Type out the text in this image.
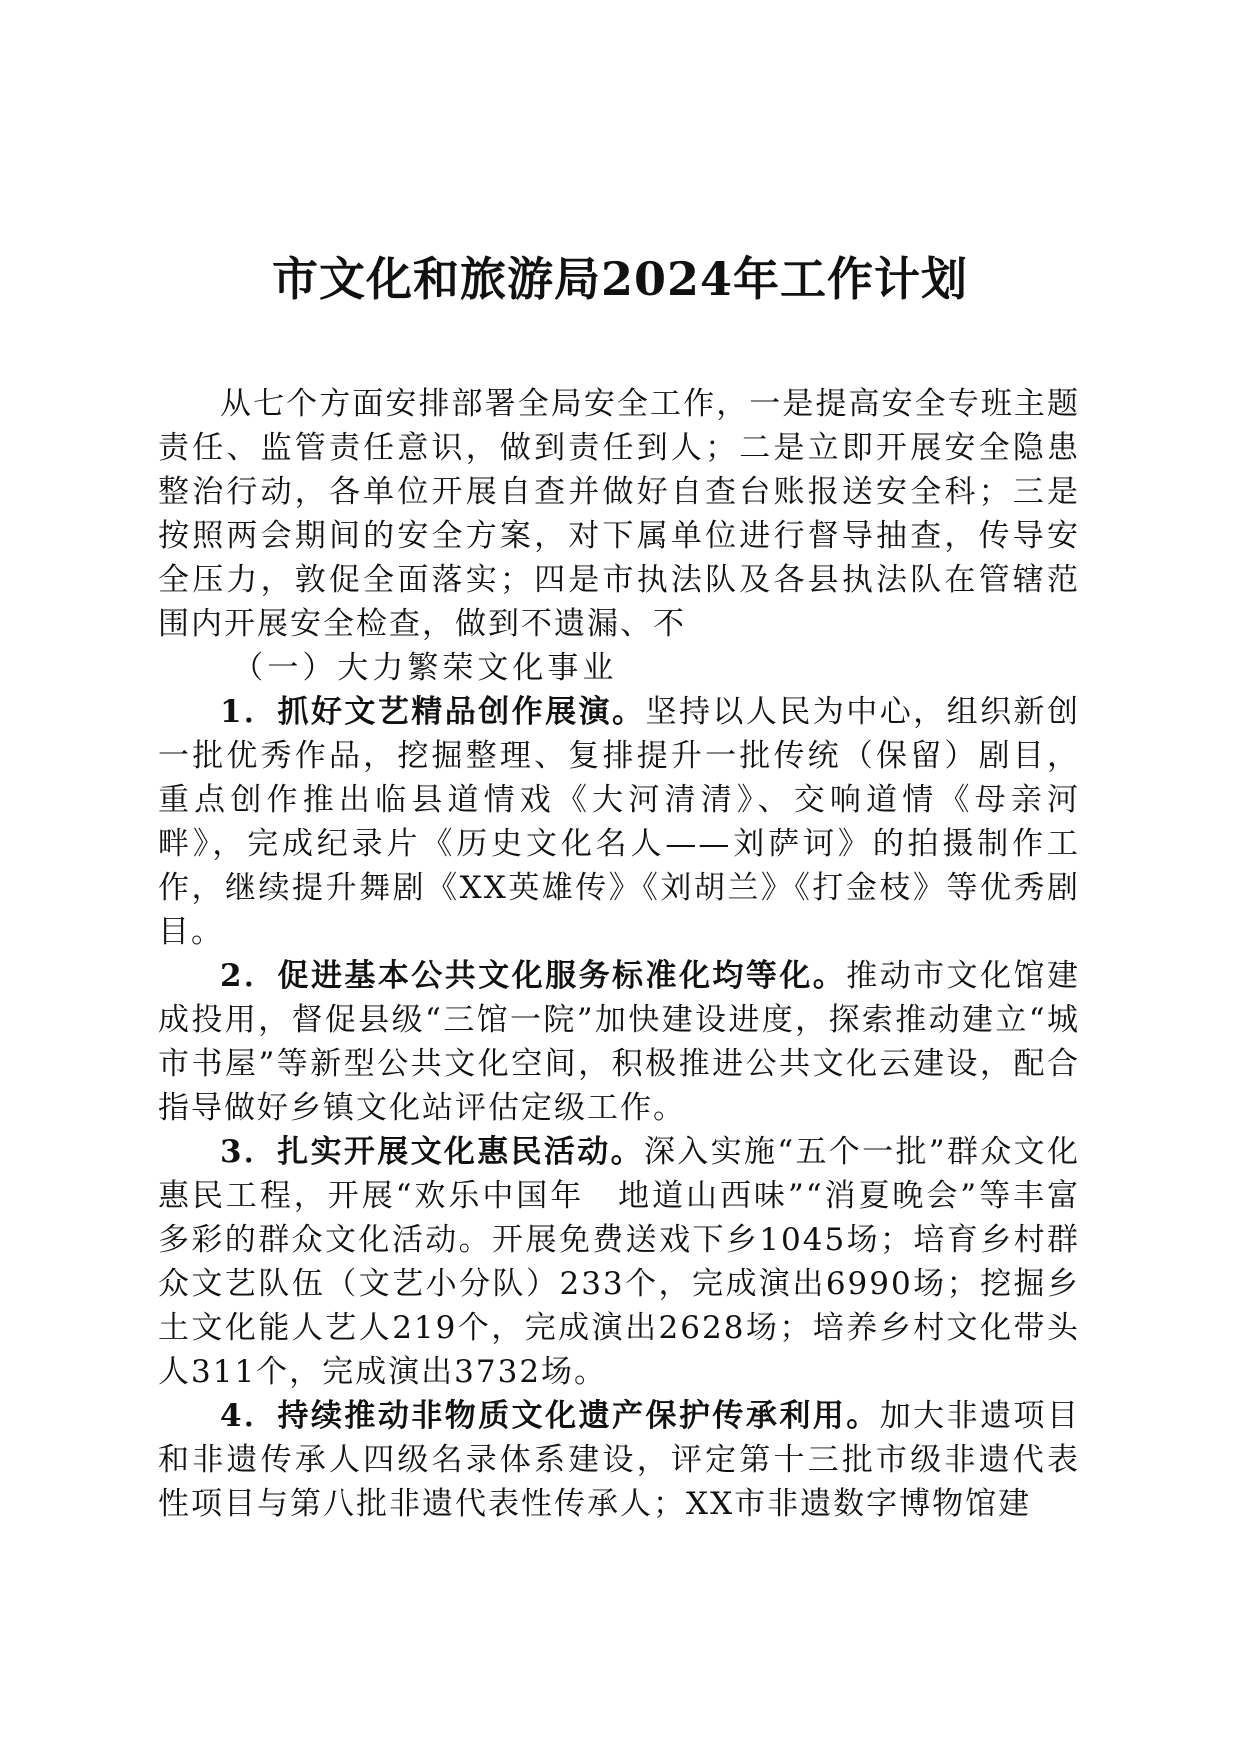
市文化和旅游局2024年工作计划

从七个方面安排部署全局安全工作，一是提高安全专班主题责任、监管责任意识，做到责任到人；二是立即开展安全隐患整治行动，各单位开展自查并做好自查台账报送安全科；三是按照两会期间的安全方案，对下属单位进行督导抽查，传导安全压力，敦促全面落实；四是市执法队及各县执法队在管辖范围内开展安全检查，做到不遗漏、不

（一）大力繁荣文化事业

1．抓好文艺精品创作展演。坚持以人民为中心，组织新创一批优秀作品，挖掘整理、复排提升一批传统（保留）剧目，重点创作推出临县道情戏《大河清清》、交响道情《母亲河畔》，完成纪录片《历史文化名人——刘萨诃》的拍摄制作工作，继续提升舞剧《XX英雄传》《刘胡兰》《打金枝》等优秀剧目。

2．促进基本公共文化服务标准化均等化。推动市文化馆建成投用，督促县级“三馆一院”加快建设进度，探索推动建立“城市书屋”等新型公共文化空间，积极推进公共文化云建设，配合指导做好乡镇文化站评估定级工作。

3．扎实开展文化惠民活动。深入实施“五个一批”群众文化惠民工程，开展“欢乐中国年　地道山西味”“消夏晚会”等丰富多彩的群众文化活动。开展免费送戏下乡1045场；培育乡村群众文艺队伍（文艺小分队）233个，完成演出6990场；挖掘乡土文化能人艺人219个，完成演出2628场；培养乡村文化带头人311个，完成演出3732场。

4．持续推动非物质文化遗产保护传承利用。加大非遗项目和非遗传承人四级名录体系建设，评定第十三批市级非遗代表性项目与第八批非遗代表性传承人；XX市非遗数字博物馆建
